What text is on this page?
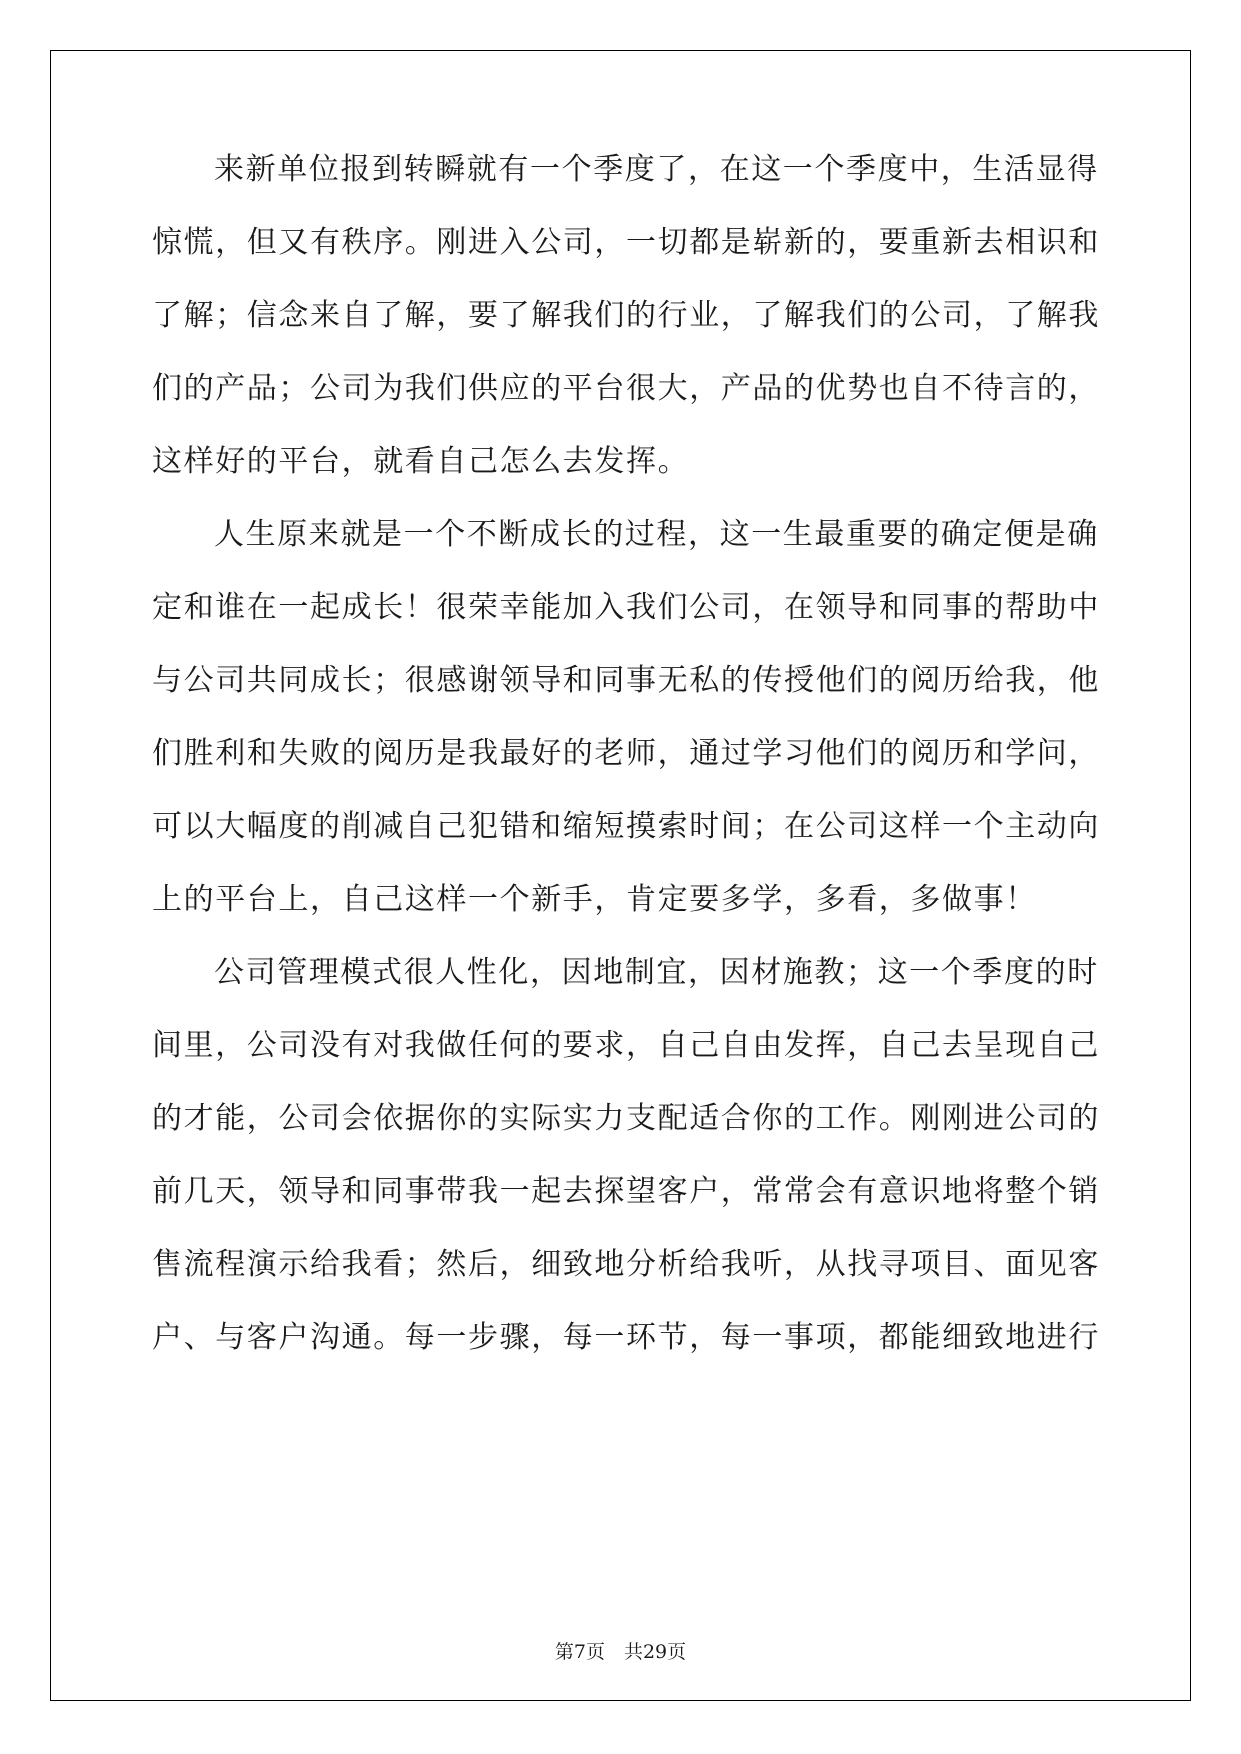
来新单位报到转瞬就有一个季度了，在这一个季度中，生活显得
惊慌，但又有秩序。刚进入公司，一切都是崭新的，要重新去相识和
了解；信念来自了解，要了解我们的行业，了解我们的公司，了解我
们的产品；公司为我们供应的平台很大，产品的优势也自不待言的，
这样好的平台，就看自己怎么去发挥。
人生原来就是一个不断成长的过程，这一生最重要的确定便是确
定和谁在一起成长！很荣幸能加入我们公司，在领导和同事的帮助中
与公司共同成长；很感谢领导和同事无私的传授他们的阅历给我，他
们胜利和失败的阅历是我最好的老师，通过学习他们的阅历和学问，
可以大幅度的削减自己犯错和缩短摸索时间；在公司这样一个主动向
上的平台上，自己这样一个新手，肯定要多学，多看，多做事！
公司管理模式很人性化，因地制宜，因材施教；这一个季度的时
间里，公司没有对我做任何的要求，自己自由发挥，自己去呈现自己
的才能，公司会依据你的实际实力支配适合你的工作。刚刚进公司的
前几天，领导和同事带我一起去探望客户，常常会有意识地将整个销
售流程演示给我看；然后，细致地分析给我听，从找寻项目、面见客
户、与客户沟通。每一步骤，每一环节，每一事项，都能细致地进行
第7页　共29页
